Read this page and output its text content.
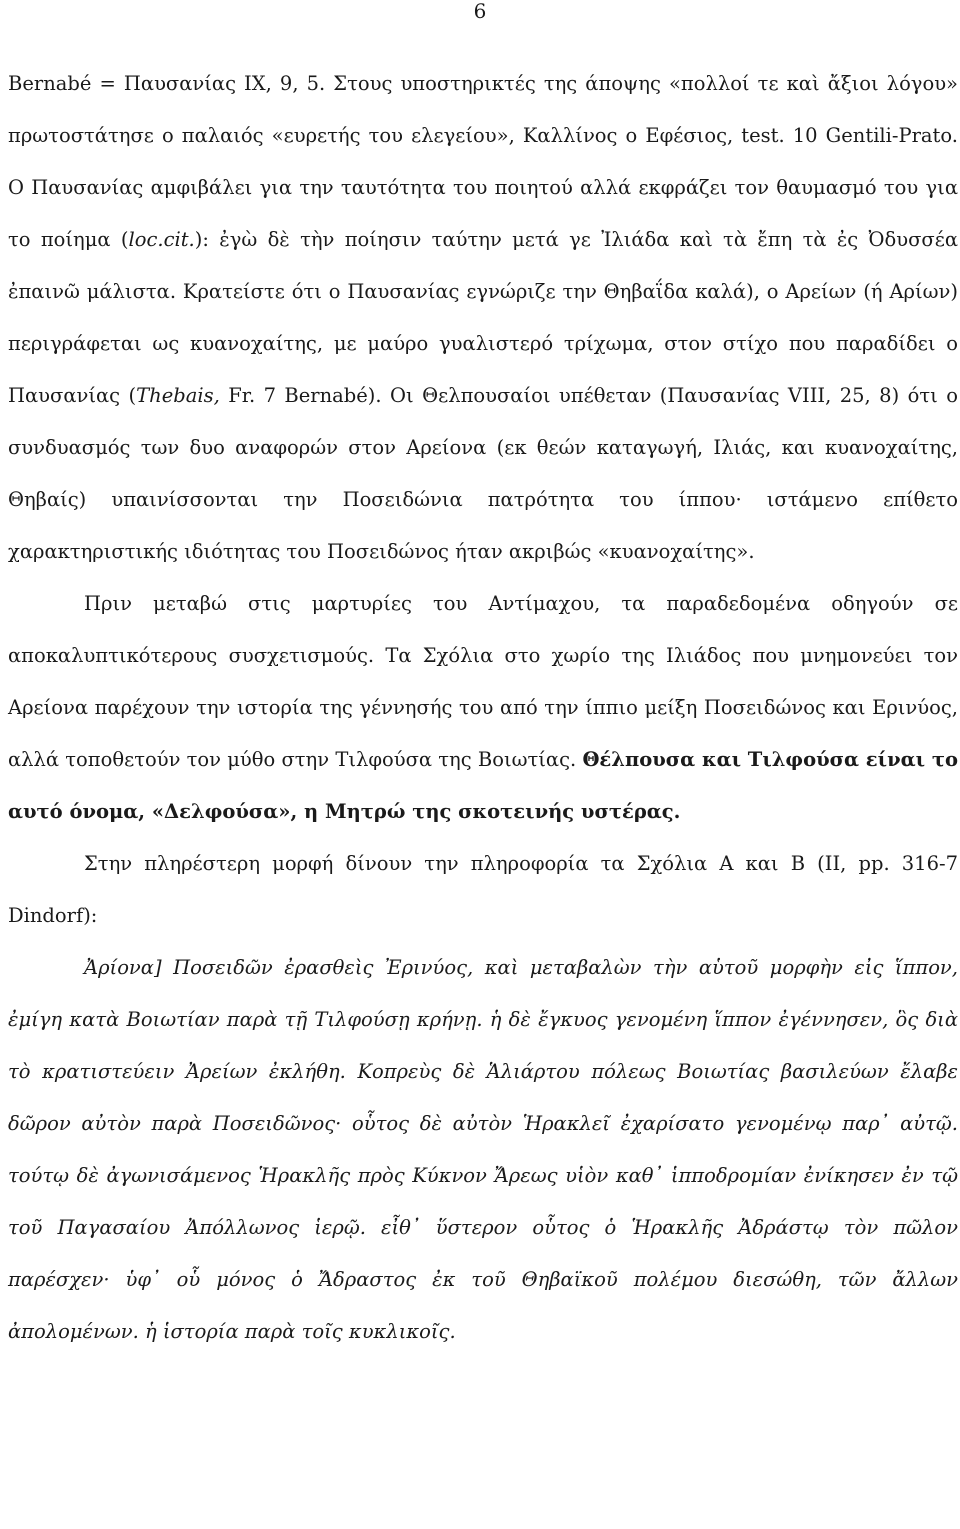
6

Bernabé = Παυσανίας IX, 9, 5. Στους υποστηρικτές της άποψης «πολλοί τε καὶ ἄξιοι λόγου» πρωτοστάτησε ο παλαιός «ευρετής του ελεγείου», Καλλίνος ο Εφέσιος, test. 10 Gentili-Prato. Ο Παυσανίας αμφιβάλει για την ταυτότητα του ποιητού αλλά εκφράζει τον θαυμασμό του για το ποίημα (loc.cit.): ἐγὼ δὲ τὴν ποίησιν ταύτην μετά γε Ἰλιάδα καὶ τὰ ἔπη τὰ ἐς Ὀδυσσέα ἐπαινῶ μάλιστα. Κρατείστε ότι ο Παυσανίας εγνώριζε την Θηβαΐδα καλά), ο Αρείων (ή Αρίων) περιγράφεται ως κυανοχαίτης, με μαύρο γυαλιστερό τρίχωμα, στον στίχο που παραδίδει ο Παυσανίας (Thebais, Fr. 7 Bernabé). Οι Θελπουσαίοι υπέθεταν (Παυσανίας VIII, 25, 8) ότι ο συνδυασμός των δυο αναφορών στον Αρείονα (εκ θεών καταγωγή, Ιλιάς, και κυανοχαίτης, Θηβαίς) υπαινίσσονται την Ποσειδώνια πατρότητα του ίππου· ιστάμενο επίθετο χαρακτηριστικής ιδιότητας του Ποσειδώνος ήταν ακριβώς «κυανοχαίτης».

Πριν μεταβώ στις μαρτυρίες του Αντίμαχου, τα παραδεδομένα οδηγούν σε αποκαλυπτικότερους συσχετισμούς. Τα Σχόλια στο χωρίο της Ιλιάδος που μνημονεύει τον Αρείονα παρέχουν την ιστορία της γέννησής του από την ίππιο μείξη Ποσειδώνος και Ερινύος, αλλά τοποθετούν τον μύθο στην Τιλφούσα της Βοιωτίας. Θέλπουσα και Τιλφούσα είναι το αυτό όνομα, «Δελφούσα», η Μητρώ της σκοτεινής υστέρας.

Στην πληρέστερη μορφή δίνουν την πληροφορία τα Σχόλια Α και Β (II, pp. 316-7 Dindorf):

Ἀρίονα] Ποσειδῶν ἐρασθεὶς Ἐρινύος, καὶ μεταβαλὼν τὴν αὑτοῦ μορφὴν εἰς ἵππον, ἐμίγη κατὰ Βοιωτίαν παρὰ τῇ Τιλφούσῃ κρήνῃ. ἡ δὲ ἔγκυος γενομένη ἵππον ἐγέννησεν, ὃς διὰ τὸ κρατιστεύειν Ἀρείων ἐκλήθη. Κοπρεὺς δὲ Ἁλιάρτου πόλεως Βοιωτίας βασιλεύων ἔλαβε δῶρον αὐτὸν παρὰ Ποσειδῶνος· οὗτος δὲ αὐτὸν Ἡρακλεῖ ἐχαρίσατο γενομένῳ παρ᾽ αὐτῷ. τούτῳ δὲ ἀγωνισάμενος Ἡρακλῆς πρὸς Κύκνον Ἄρεως υἱὸν καθ᾽ ἱπποδρομίαν ἐνίκησεν ἐν τῷ τοῦ Παγασαίου Ἀπόλλωνος ἱερῷ. εἶθ᾽ ὕστερον οὗτος ὁ Ἡρακλῆς Ἀδράστῳ τὸν πῶλον παρέσχεν· ὑφ᾽ οὗ μόνος ὁ Ἄδραστος ἐκ τοῦ Θηβαϊκοῦ πολέμου διεσώθη, τῶν ἄλλων ἀπολομένων. ἡ ἱστορία παρὰ τοῖς κυκλικοῖς.
